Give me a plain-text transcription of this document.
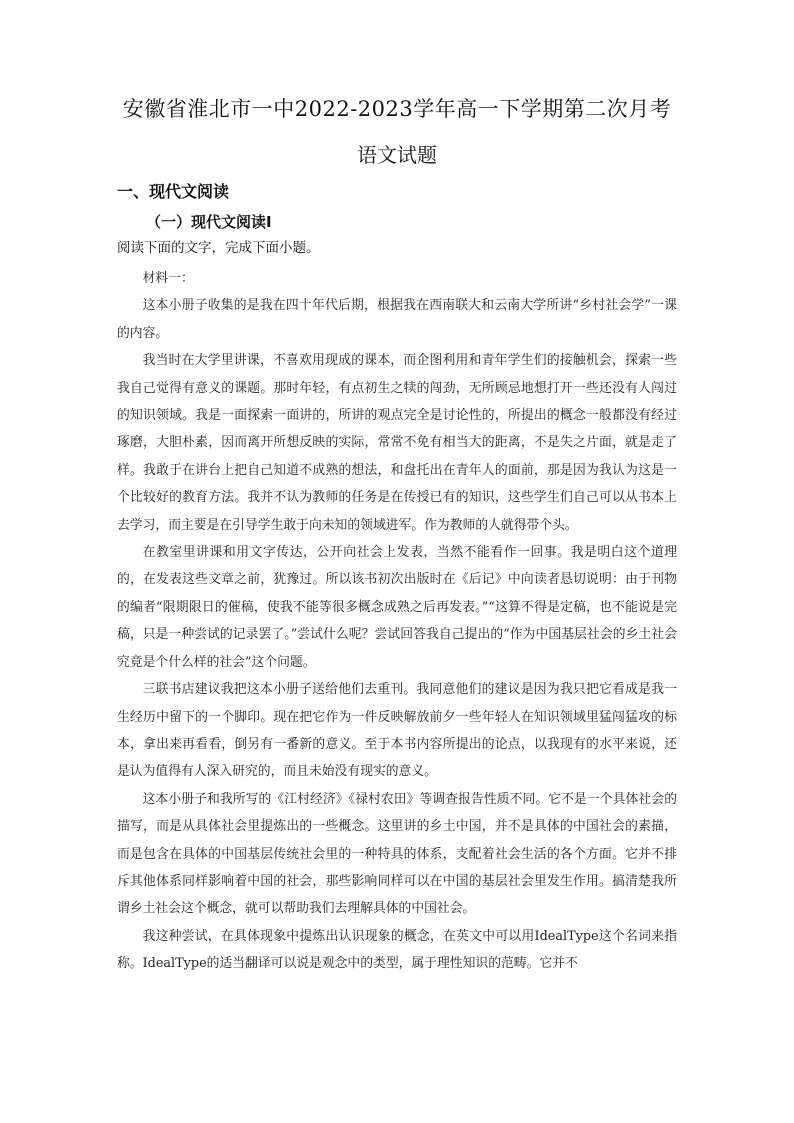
安徽省淮北市一中2022-2023学年高一下学期第二次月考
语文试题
一、现代文阅读
（一）现代文阅读Ⅰ
阅读下面的文字，完成下面小题。

材料一：

这本小册子收集的是我在四十年代后期，根据我在西南联大和云南大学所讲“乡村社会学”一课的内容。

我当时在大学里讲课，不喜欢用现成的课本，而企图利用和青年学生们的接触机会，探索一些我自己觉得有意义的课题。那时年轻，有点初生之犊的闯劲，无所顾忌地想打开一些还没有人闯过的知识领域。我是一面探索一面讲的，所讲的观点完全是讨论性的，所提出的概念一般都没有经过琢磨，大胆朴素，因而离开所想反映的实际，常常不免有相当大的距离，不是失之片面，就是走了样。我敢于在讲台上把自己知道不成熟的想法，和盘托出在青年人的面前，那是因为我认为这是一个比较好的教育方法。我并不认为教师的任务是在传授已有的知识，这些学生们自己可以从书本上去学习，而主要是在引导学生敢于向未知的领域进军。作为教师的人就得带个头。

在教室里讲课和用文字传达，公开向社会上发表，当然不能看作一回事。我是明白这个道理的，在发表这些文章之前，犹豫过。所以该书初次出版时在《后记》中向读者恳切说明：由于刊物的编者“限期限日的催稿，使我不能等很多概念成熟之后再发表。”“这算不得是定稿，也不能说是完稿，只是一种尝试的记录罢了。”尝试什么呢？尝试回答我自己提出的“作为中国基层社会的乡土社会究竟是个什么样的社会”这个问题。

三联书店建议我把这本小册子送给他们去重刊。我同意他们的建议是因为我只把它看成是我一生经历中留下的一个脚印。现在把它作为一件反映解放前夕一些年轻人在知识领域里猛闯猛攻的标本，拿出来再看看，倒另有一番新的意义。至于本书内容所提出的论点，以我现有的水平来说，还是认为值得有人深入研究的，而且未始没有现实的意义。

这本小册子和我所写的《江村经济》《禄村农田》等调查报告性质不同。它不是一个具体社会的描写，而是从具体社会里提炼出的一些概念。这里讲的乡土中国，并不是具体的中国社会的素描，而是包含在具体的中国基层传统社会里的一种特具的体系，支配着社会生活的各个方面。它并不排斥其他体系同样影响着中国的社会，那些影响同样可以在中国的基层社会里发生作用。搞清楚我所谓乡土社会这个概念，就可以帮助我们去理解具体的中国社会。

我这种尝试，在具体现象中提炼出认识现象的概念，在英文中可以用IdealType这个名词来指称。IdealType的适当翻译可以说是观念中的类型，属于理性知识的范畴。它并不
